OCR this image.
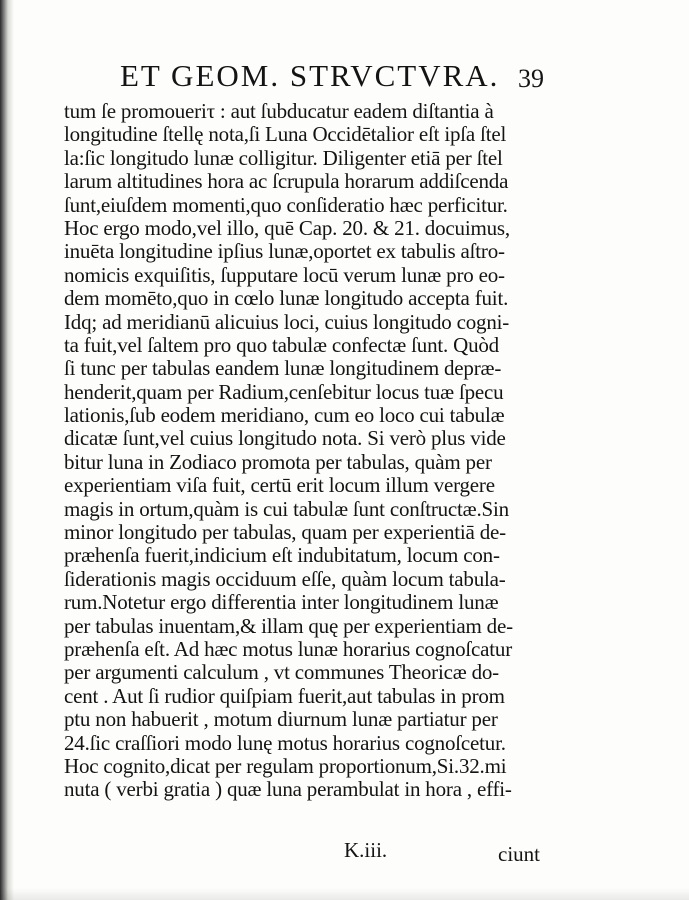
ET GEOM. STRVCTVRA. 39
tum ſe promoueriτ : aut ſubducatur eadem diſtantia à
longitudine ſtellę nota,ſi Luna Occidētalior eſt ipſa ſtel
la:ſic longitudo lunæ colligitur. Diligenter etiā per ſtel
larum altitudines hora ac ſcrupula horarum addiſcenda
ſunt,eiuſdem momenti,quo conſideratio hæc perficitur.
Hoc ergo modo,vel illo, quē Cap. 20. & 21. docuimus,
inuēta longitudine ipſius lunæ,oportet ex tabulis aſtro-
nomicis exquiſitis, ſupputare locū verum lunæ pro eo-
dem momēto,quo in cœlo lunæ longitudo accepta fuit.
Idq; ad meridianū alicuius loci, cuius longitudo cogni-
ta fuit,vel ſaltem pro quo tabulæ confectæ ſunt. Quòd
ſi tunc per tabulas eandem lunæ longitudinem depræ-
henderit,quam per Radium,cenſebitur locus tuæ ſpecu
lationis,ſub eodem meridiano, cum eo loco cui tabulæ
dicatæ ſunt,vel cuius longitudo nota. Si verò plus vide
bitur luna in Zodiaco promota per tabulas, quàm per
experientiam viſa fuit, certū erit locum illum vergere
magis in ortum,quàm is cui tabulæ ſunt conſtructæ.Sin
minor longitudo per tabulas, quam per experientiā de-
præhenſa fuerit,indicium eſt indubitatum, locum con-
ſiderationis magis occiduum eſſe, quàm locum tabula-
rum.Notetur ergo differentia inter longitudinem lunæ
per tabulas inuentam,& illam quę per experientiam de-
præhenſa eſt. Ad hæc motus lunæ horarius cognoſcatur
per argumenti calculum , vt communes Theoricæ do-
cent . Aut ſi rudior quiſpiam fuerit,aut tabulas in prom
ptu non habuerit , motum diurnum lunæ partiatur per
24.ſic craſſiori modo lunę motus horarius cognoſcetur.
Hoc cognito,dicat per regulam proportionum,Si.32.mi
nuta ( verbi gratia ) quæ luna perambulat in hora , effi-
K.iii.	ciunt
